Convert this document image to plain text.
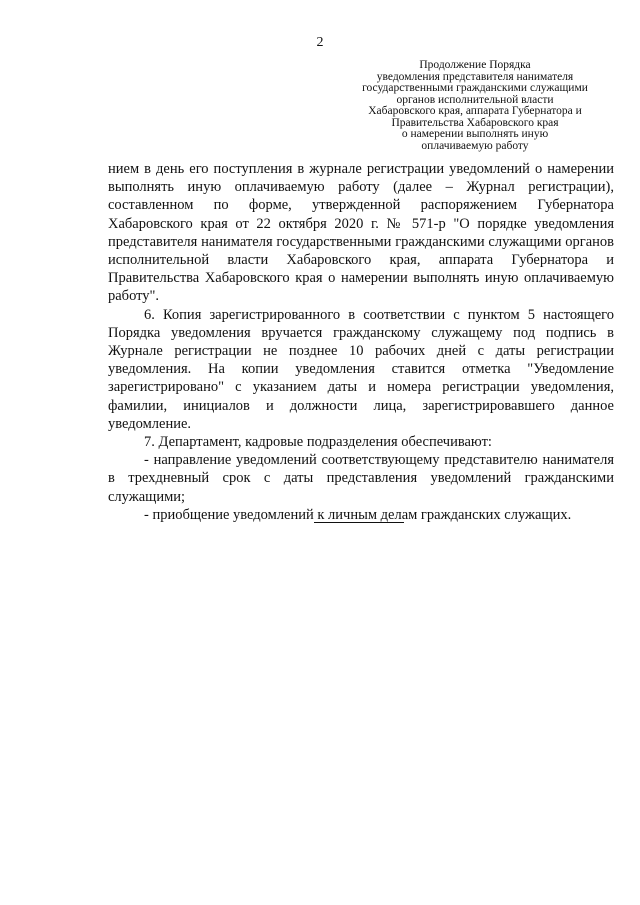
2
Продолжение Порядка
уведомления представителя нанимателя
государственными гражданскими служащими
органов исполнительной власти
Хабаровского края, аппарата Губернатора и
Правительства Хабаровского края
о намерении выполнять иную
оплачиваемую работу

нием в день его поступления в журнале регистрации уведомлений о намерении выполнять иную оплачиваемую работу (далее – Журнал регистрации), составленном по форме, утвержденной распоряжением Губернатора Хабаровского края от 22 октября 2020 г. № 571-р "О порядке уведомления представителя нанимателя государственными гражданскими служащими органов исполнительной власти Хабаровского края, аппарата Губернатора и Правительства Хабаровского края о намерении выполнять иную оплачиваемую работу".

6. Копия зарегистрированного в соответствии с пунктом 5 настоящего Порядка уведомления вручается гражданскому служащему под подпись в Журнале регистрации не позднее 10 рабочих дней с даты регистрации уведомления. На копии уведомления ставится отметка "Уведомление зарегистрировано" с указанием даты и номера регистрации уведомления, фамилии, инициалов и должности лица, зарегистрировавшего данное уведомление.

7. Департамент, кадровые подразделения обеспечивают:

- направление уведомлений соответствующему представителю нанимателя в трехдневный срок с даты представления уведомлений гражданскими служащими;

- приобщение уведомлений к личным делам гражданских служащих.
